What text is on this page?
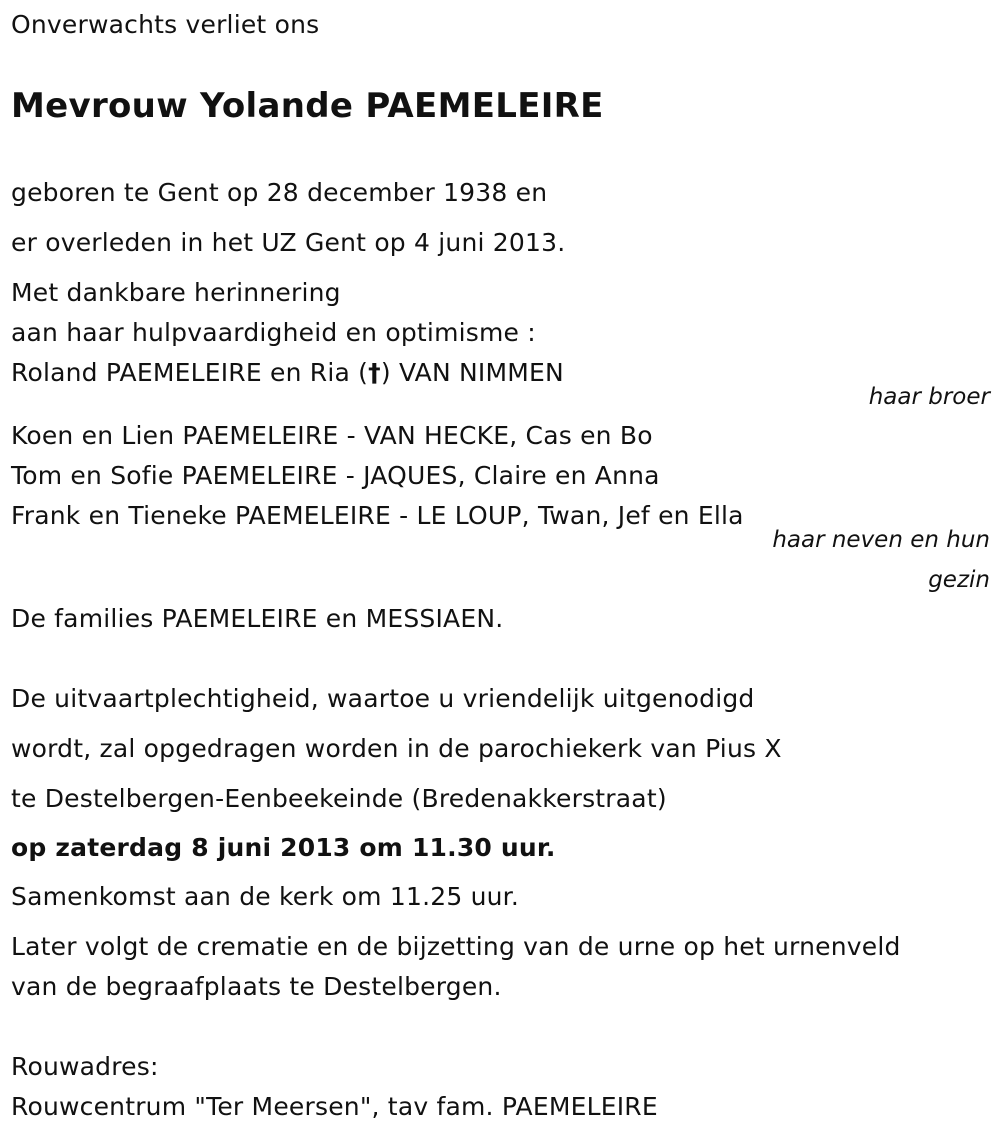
Onverwachts verliet ons

Mevrouw Yolande PAEMELEIRE

geboren te Gent op 28 december 1938 en

er overleden in het UZ Gent op 4 juni 2013.

Met dankbare herinnering

aan haar hulpvaardigheid en optimisme :

Roland PAEMELEIRE en Ria (†) VAN NIMMEN

haar broer

Koen en Lien PAEMELEIRE - VAN HECKE, Cas en Bo

Tom en Sofie PAEMELEIRE - JAQUES, Claire en Anna

Frank en Tieneke PAEMELEIRE - LE LOUP, Twan, Jef en Ella

haar neven en hun

gezin

De families PAEMELEIRE en MESSIAEN.

De uitvaartplechtigheid, waartoe u vriendelijk uitgenodigd

wordt, zal opgedragen worden in de parochiekerk van Pius X

te Destelbergen-Eenbeekeinde (Bredenakkerstraat)

op zaterdag 8 juni 2013 om 11.30 uur.

Samenkomst aan de kerk om 11.25 uur.

Later volgt de crematie en de bijzetting van de urne op het urnenveld

van de begraafplaats te Destelbergen.

Rouwadres:

Rouwcentrum "Ter Meersen", tav fam. PAEMELEIRE
